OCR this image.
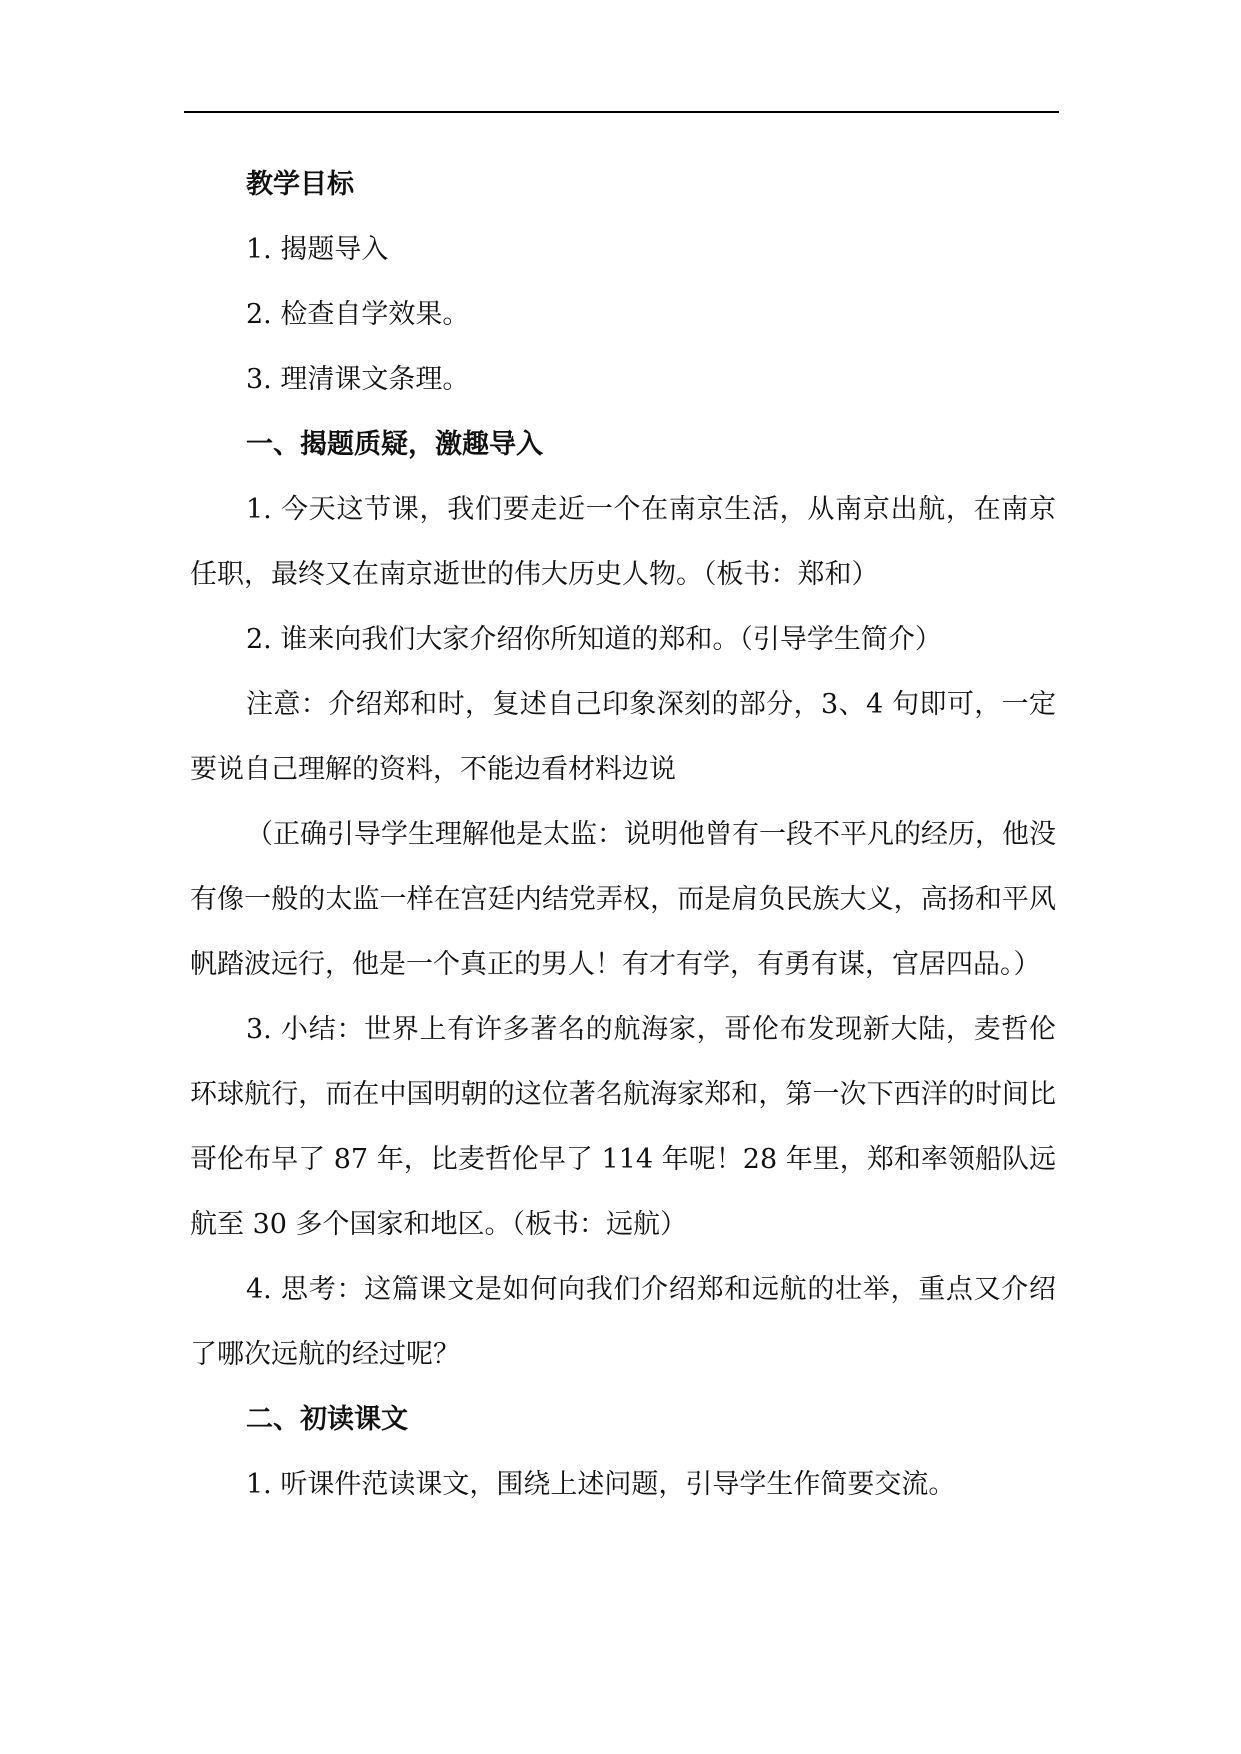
教学目标

1. 揭题导入

2. 检查自学效果。

3. 理清课文条理。

一、揭题质疑，激趣导入

1. 今天这节课，我们要走近一个在南京生活，从南京出航，在南京任职，最终又在南京逝世的伟大历史人物。（板书：郑和）

2. 谁来向我们大家介绍你所知道的郑和。（引导学生简介）

注意：介绍郑和时，复述自己印象深刻的部分，3、4 句即可，一定要说自己理解的资料，不能边看材料边说

（正确引导学生理解他是太监：说明他曾有一段不平凡的经历，他没有像一般的太监一样在宫廷内结党弄权，而是肩负民族大义，高扬和平风帆踏波远行，他是一个真正的男人！有才有学，有勇有谋，官居四品。）

3. 小结：世界上有许多著名的航海家，哥伦布发现新大陆，麦哲伦环球航行，而在中国明朝的这位著名航海家郑和，第一次下西洋的时间比哥伦布早了 87 年，比麦哲伦早了 114 年呢！28 年里，郑和率领船队远航至 30 多个国家和地区。（板书：远航）

4. 思考：这篇课文是如何向我们介绍郑和远航的壮举，重点又介绍了哪次远航的经过呢？

二、初读课文

1. 听课件范读课文，围绕上述问题，引导学生作简要交流。
